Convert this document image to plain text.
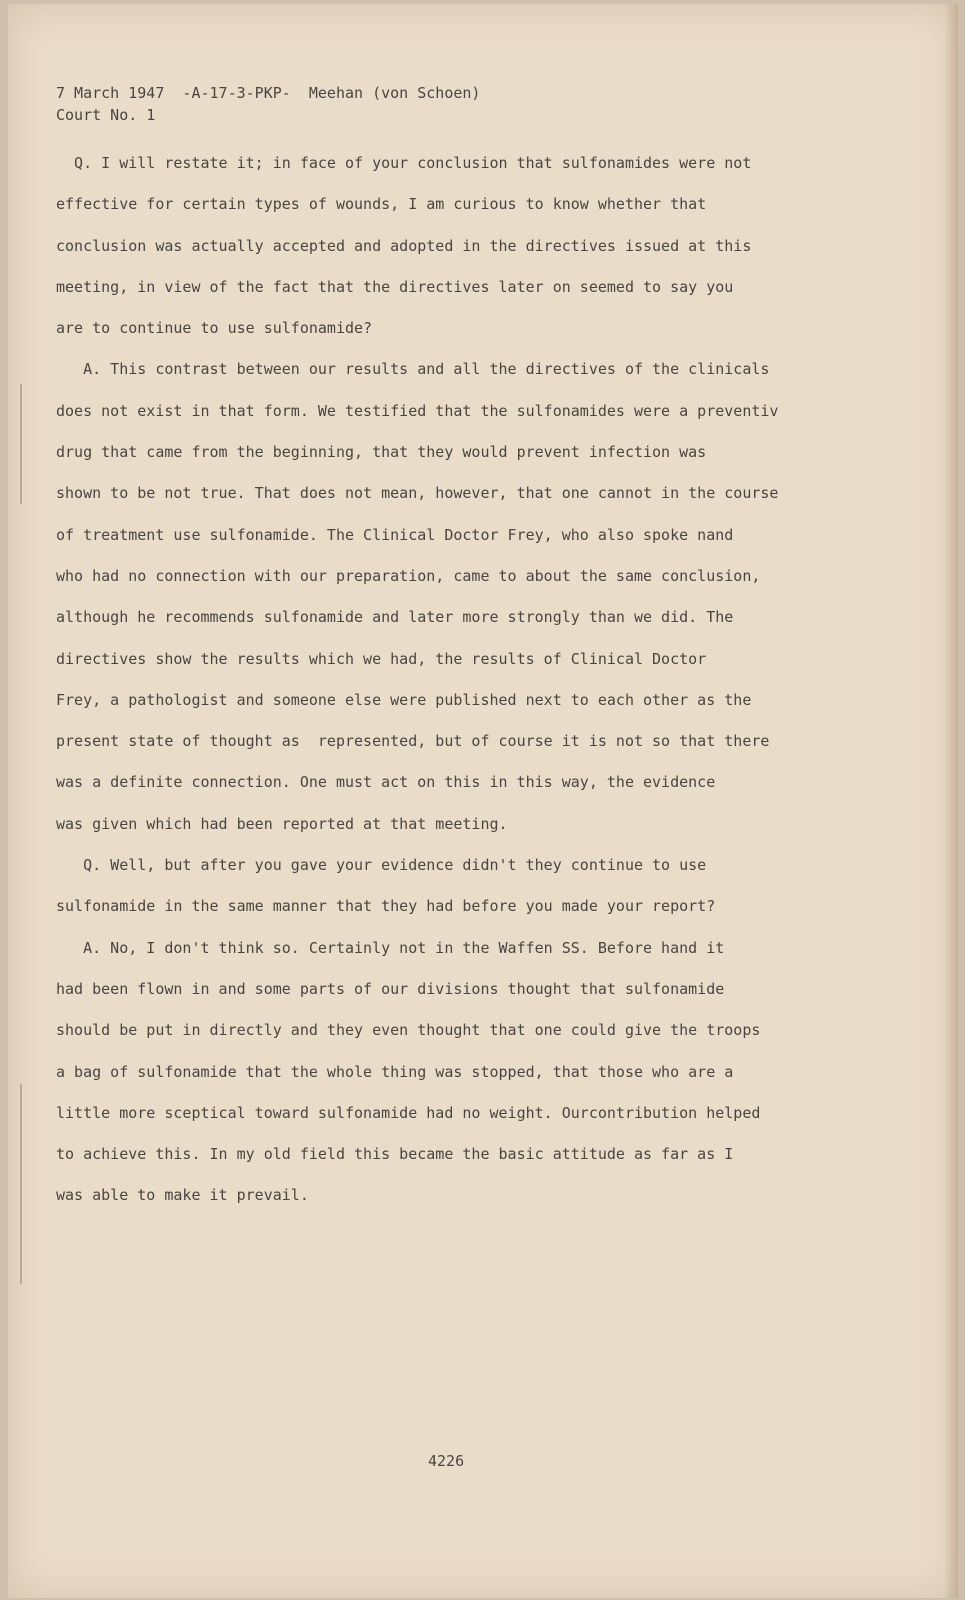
7 March 1947  -A-17-3-PKP-  Meehan (von Schoen)

Court No. 1

Q. I will restate it; in face of your conclusion that sulfonamides were not

effective for certain types of wounds, I am curious to know whether that

conclusion was actually accepted and adopted in the directives issued at this

meeting, in view of the fact that the directives later on seemed to say you

are to continue to use sulfonamide?

A. This contrast between our results and all the directives of the clinicals

does not exist in that form. We testified that the sulfonamides were a preventiv

drug that came from the beginning, that they would prevent infection was

shown to be not true. That does not mean, however, that one cannot in the course

of treatment use sulfonamide. The Clinical Doctor Frey, who also spoke nand

who had no connection with our preparation, came to about the same conclusion,

although he recommends sulfonamide and later more strongly than we did. The

directives show the results which we had, the results of Clinical Doctor

Frey, a pathologist and someone else were published next to each other as the

present state of thought as  represented, but of course it is not so that there

was a definite connection. One must act on this in this way, the evidence

was given which had been reported at that meeting.

Q. Well, but after you gave your evidence didn't they continue to use

sulfonamide in the same manner that they had before you made your report?

A. No, I don't think so. Certainly not in the Waffen SS. Before hand it

had been flown in and some parts of our divisions thought that sulfonamide

should be put in directly and they even thought that one could give the troops

a bag of sulfonamide that the whole thing was stopped, that those who are a

little more sceptical toward sulfonamide had no weight. Ourcontribution helped

to achieve this. In my old field this became the basic attitude as far as I

was able to make it prevail.

4226
